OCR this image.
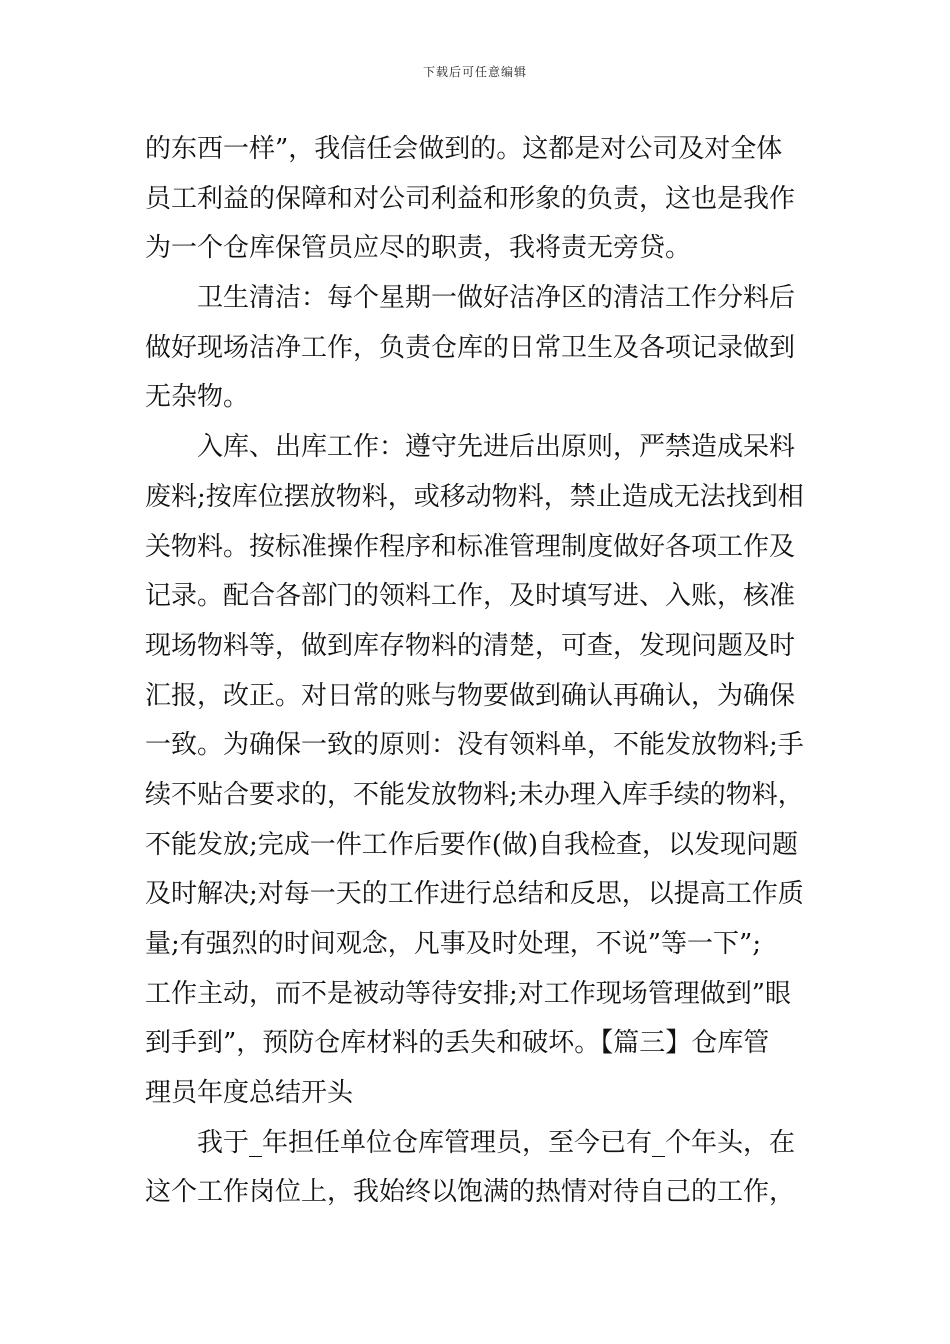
下载后可任意编辑
的东西一样”，我信任会做到的。这都是对公司及对全体
员工利益的保障和对公司利益和形象的负责，这也是我作
为一个仓库保管员应尽的职责，我将责无旁贷。
卫生清洁：每个星期一做好洁净区的清洁工作分料后
做好现场洁净工作，负责仓库的日常卫生及各项记录做到
无杂物。
入库、出库工作：遵守先进后出原则，严禁造成呆料
废料;按库位摆放物料，或移动物料，禁止造成无法找到相
关物料。按标准操作程序和标准管理制度做好各项工作及
记录。配合各部门的领料工作，及时填写进、入账，核准
现场物料等，做到库存物料的清楚，可查，发现问题及时
汇报，改正。对日常的账与物要做到确认再确认，为确保
一致。为确保一致的原则：没有领料单，不能发放物料;手
续不贴合要求的，不能发放物料;未办理入库手续的物料，
不能发放;完成一件工作后要作(做)自我检查，以发现问题
及时解决;对每一天的工作进行总结和反思，以提高工作质
量;有强烈的时间观念，凡事及时处理，不说”等一下”;
工作主动，而不是被动等待安排;对工作现场管理做到”眼
到手到”，预防仓库材料的丢失和破坏。【篇三】仓库管
理员年度总结开头
我于_年担任单位仓库管理员，至今已有_个年头，在
这个工作岗位上，我始终以饱满的热情对待自己的工作，
